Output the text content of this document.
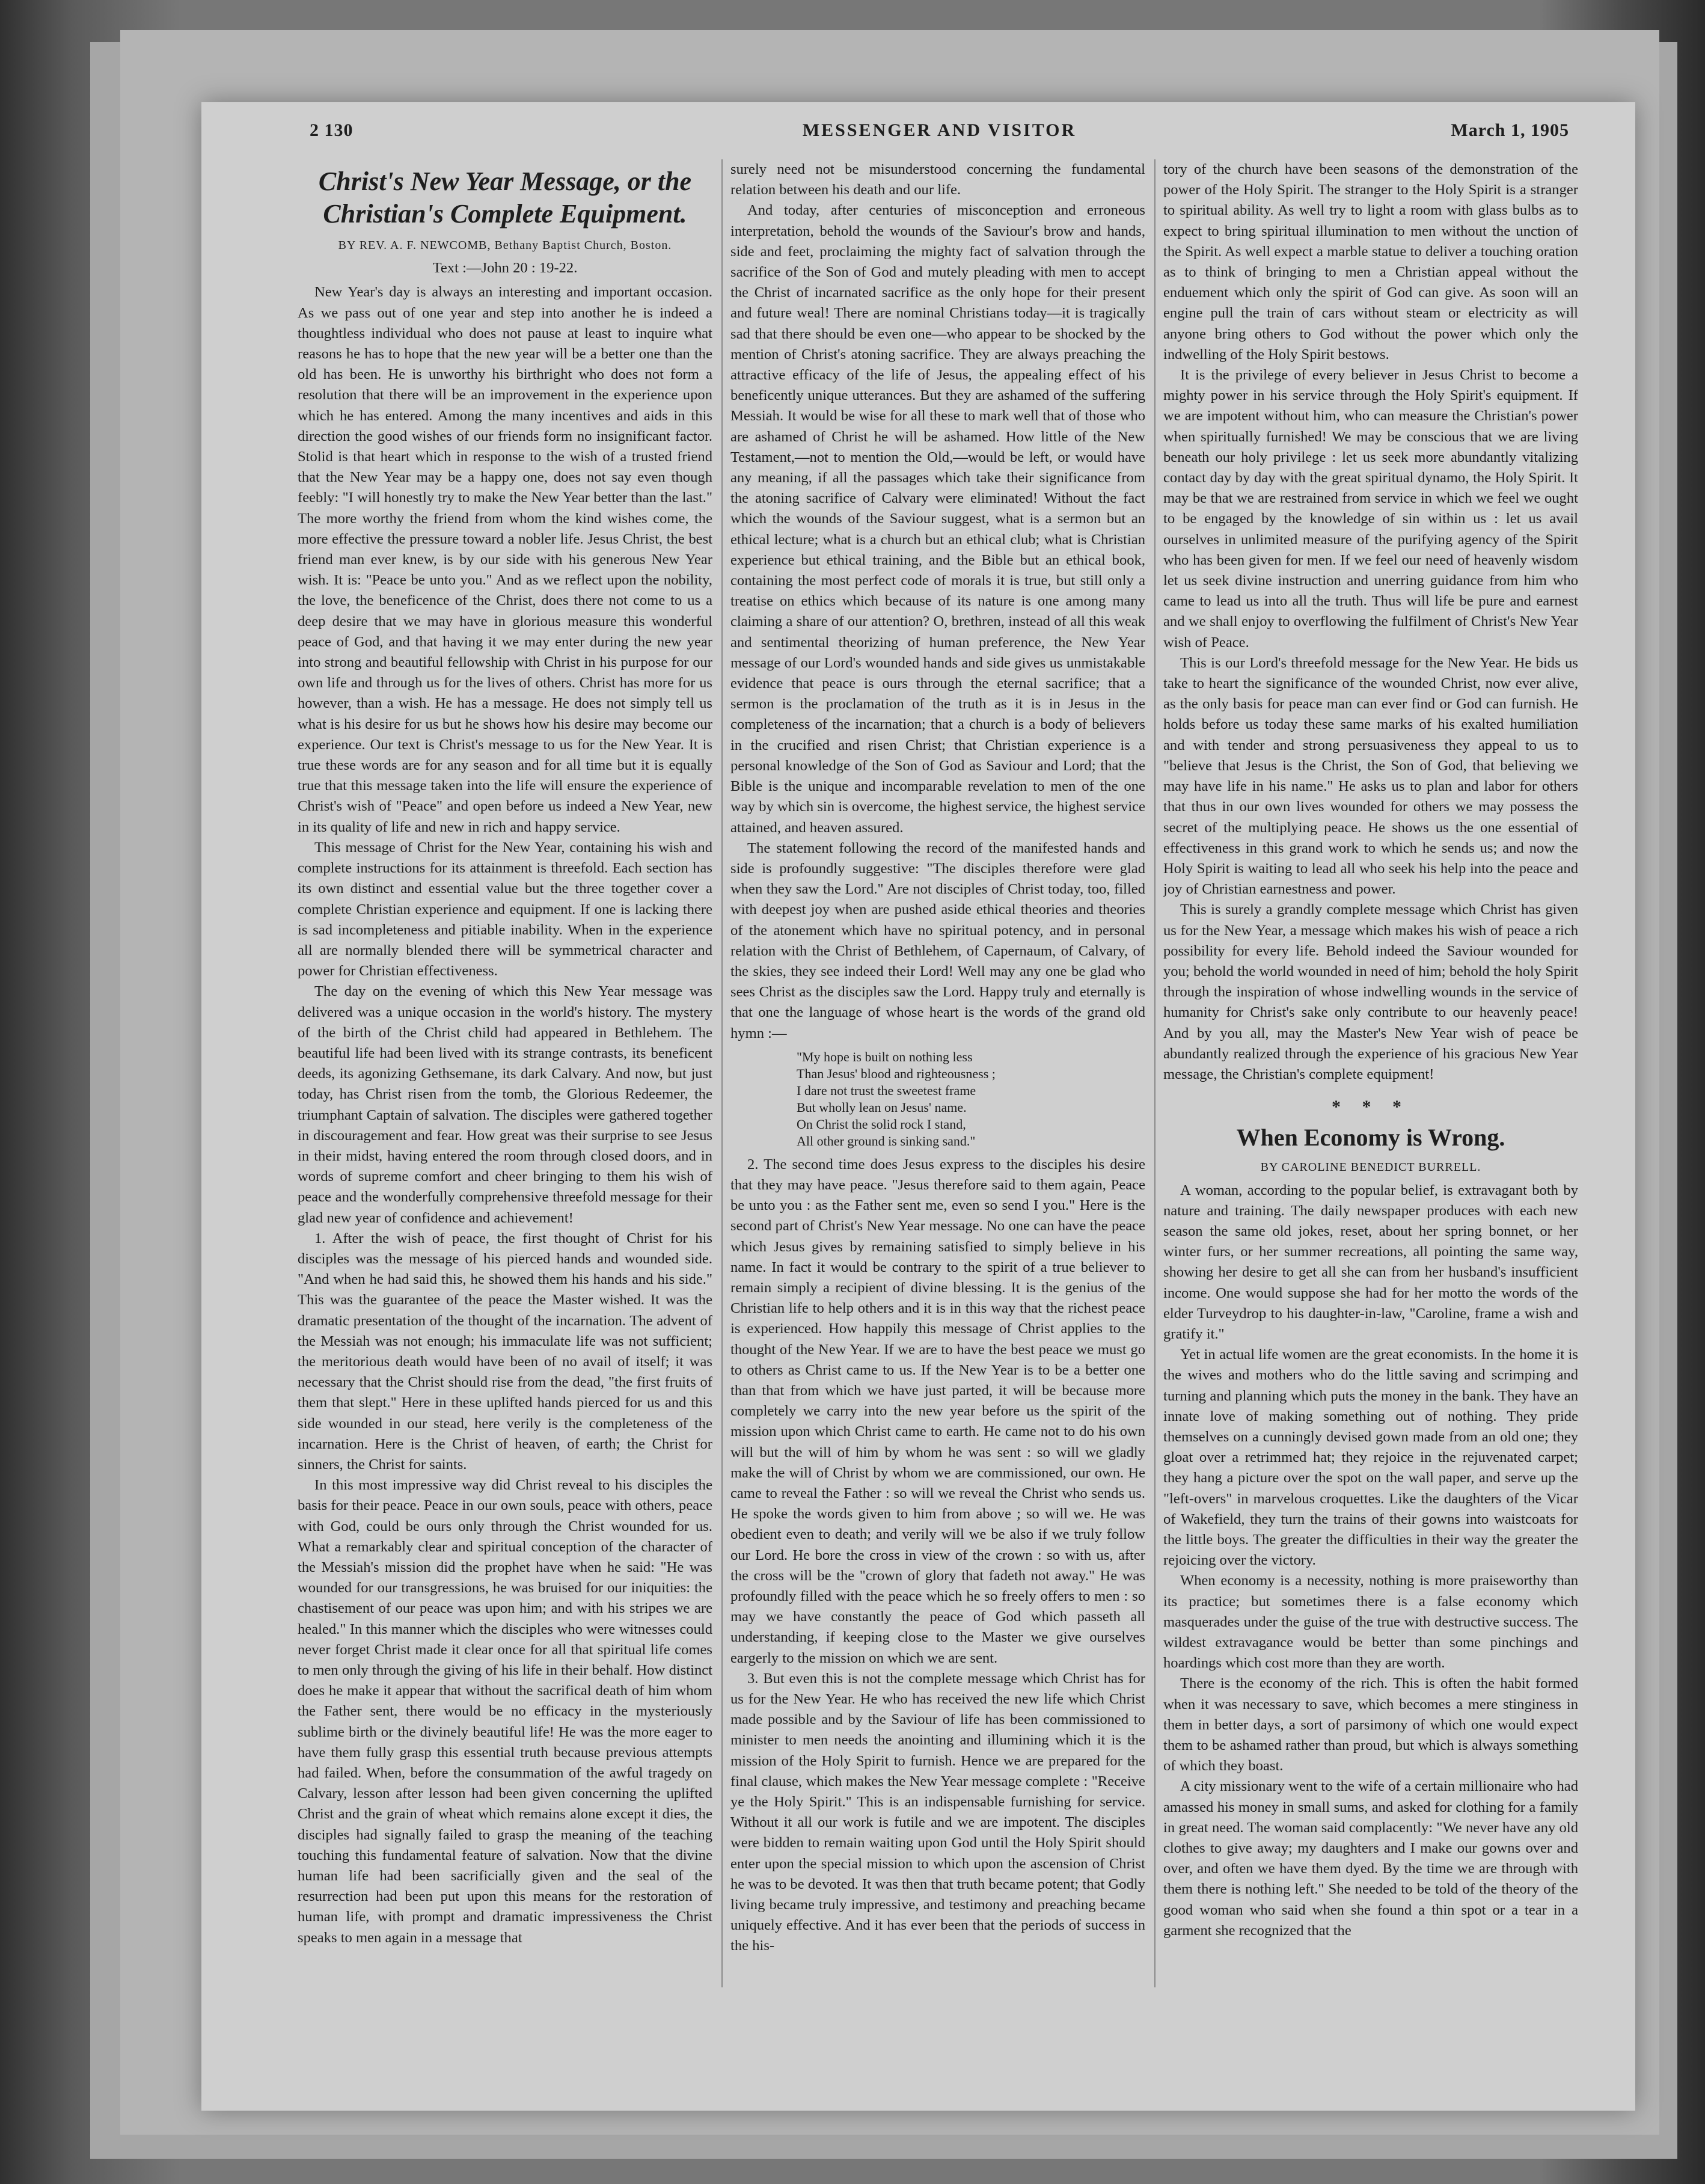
2 130	MESSENGER AND VISITOR	March 1, 1905
Christ's New Year Message, or the Christian's Complete Equipment.
BY REV. A. F. NEWCOMB, Bethany Baptist Church, Boston.
Text :—John 20 : 19-22.

New Year's day is always an interesting and important occasion. As we pass out of one year and step into another he is indeed a thoughtless individual who does not pause at least to inquire what reasons he has to hope that the new year will be a better one than the old has been. He is unworthy his birthright who does not form a resolution that there will be an improvement in the experience upon which he has entered. Among the many incentives and aids in this direction the good wishes of our friends form no insignificant factor. Stolid is that heart which in response to the wish of a trusted friend that the New Year may be a happy one, does not say even though feebly: "I will honestly try to make the New Year better than the last." The more worthy the friend from whom the kind wishes come, the more effective the pressure toward a nobler life. Jesus Christ, the best friend man ever knew, is by our side with his generous New Year wish. It is: "Peace be unto you." And as we reflect upon the nobility, the love, the beneficence of the Christ, does there not come to us a deep desire that we may have in glorious measure this wonderful peace of God, and that having it we may enter during the new year into strong and beautiful fellowship with Christ in his purpose for our own life and through us for the lives of others. Christ has more for us however, than a wish. He has a message. He does not simply tell us what is his desire for us but he shows how his desire may become our experience. Our text is Christ's message to us for the New Year. It is true these words are for any season and for all time but it is equally true that this message taken into the life will ensure the experience of Christ's wish of "Peace" and open before us indeed a New Year, new in its quality of life and new in rich and happy service.

This message of Christ for the New Year, containing his wish and complete instructions for its attainment is threefold. Each section has its own distinct and essential value but the three together cover a complete Christian experience and equipment. If one is lacking there is sad incompleteness and pitiable inability. When in the experience all are normally blended there will be symmetrical character and power for Christian effectiveness.

The day on the evening of which this New Year message was delivered was a unique occasion in the world's history. The mystery of the birth of the Christ child had appeared in Bethlehem. The beautiful life had been lived with its strange contrasts, its beneficent deeds, its agonizing Gethsemane, its dark Calvary. And now, but just today, has Christ risen from the tomb, the Glorious Redeemer, the triumphant Captain of salvation. The disciples were gathered together in discouragement and fear. How great was their surprise to see Jesus in their midst, having entered the room through closed doors, and in words of supreme comfort and cheer bringing to them his wish of peace and the wonderfully comprehensive threefold message for their glad new year of confidence and achievement!

1. After the wish of peace, the first thought of Christ for his disciples was the message of his pierced hands and wounded side. "And when he had said this, he showed them his hands and his side." This was the guarantee of the peace the Master wished. It was the dramatic presentation of the thought of the incarnation. The advent of the Messiah was not enough; his immaculate life was not sufficient; the meritorious death would have been of no avail of itself; it was necessary that the Christ should rise from the dead, "the first fruits of them that slept." Here in these uplifted hands pierced for us and this side wounded in our stead, here verily is the completeness of the incarnation. Here is the Christ of heaven, of earth; the Christ for sinners, the Christ for saints.

In this most impressive way did Christ reveal to his disciples the basis for their peace. Peace in our own souls, peace with others, peace with God, could be ours only through the Christ wounded for us. What a remarkably clear and spiritual conception of the character of the Messiah's mission did the prophet have when he said: "He was wounded for our transgressions, he was bruised for our iniquities: the chastisement of our peace was upon him; and with his stripes we are healed." In this manner which the disciples who were witnesses could never forget Christ made it clear once for all that spiritual life comes to men only through the giving of his life in their behalf. How distinct does he make it appear that without the sacrifical death of him whom the Father sent, there would be no efficacy in the mysteriously sublime birth or the divinely beautiful life! He was the more eager to have them fully grasp this essential truth because previous attempts had failed. When, before the consummation of the awful tragedy on Calvary, lesson after lesson had been given concerning the uplifted Christ and the grain of wheat which remains alone except it dies, the disciples had signally failed to grasp the meaning of the teaching touching this fundamental feature of salvation. Now that the divine human life had been sacrificially given and the seal of the resurrection had been put upon this means for the restoration of human life, with prompt and dramatic impressiveness the Christ speaks to men again in a message that

surely need not be misunderstood concerning the fundamental relation between his death and our life.

And today, after centuries of misconception and erroneous interpretation, behold the wounds of the Saviour's brow and hands, side and feet, proclaiming the mighty fact of salvation through the sacrifice of the Son of God and mutely pleading with men to accept the Christ of incarnated sacrifice as the only hope for their present and future weal! There are nominal Christians today—it is tragically sad that there should be even one—who appear to be shocked by the mention of Christ's atoning sacrifice. They are always preaching the attractive efficacy of the life of Jesus, the appealing effect of his beneficently unique utterances. But they are ashamed of the suffering Messiah. It would be wise for all these to mark well that of those who are ashamed of Christ he will be ashamed. How little of the New Testament,—not to mention the Old,—would be left, or would have any meaning, if all the passages which take their significance from the atoning sacrifice of Calvary were eliminated! Without the fact which the wounds of the Saviour suggest, what is a sermon but an ethical lecture; what is a church but an ethical club; what is Christian experience but ethical training, and the Bible but an ethical book, containing the most perfect code of morals it is true, but still only a treatise on ethics which because of its nature is one among many claiming a share of our attention? O, brethren, instead of all this weak and sentimental theorizing of human preference, the New Year message of our Lord's wounded hands and side gives us unmistakable evidence that peace is ours through the eternal sacrifice; that a sermon is the proclamation of the truth as it is in Jesus in the completeness of the incarnation; that a church is a body of believers in the crucified and risen Christ; that Christian experience is a personal knowledge of the Son of God as Saviour and Lord; that the Bible is the unique and incomparable revelation to men of the one way by which sin is overcome, the highest service, the highest service attained, and heaven assured.

The statement following the record of the manifested hands and side is profoundly suggestive: "The disciples therefore were glad when they saw the Lord." Are not disciples of Christ today, too, filled with deepest joy when are pushed aside ethical theories and theories of the atonement which have no spiritual potency, and in personal relation with the Christ of Bethlehem, of Capernaum, of Calvary, of the skies, they see indeed their Lord! Well may any one be glad who sees Christ as the disciples saw the Lord. Happy truly and eternally is that one the language of whose heart is the words of the grand old hymn :—

"My hope is built on nothing less
Than Jesus' blood and righteousness ;
I dare not trust the sweetest frame
But wholly lean on Jesus' name.
On Christ the solid rock I stand,
All other ground is sinking sand."

2. The second time does Jesus express to the disciples his desire that they may have peace. "Jesus therefore said to them again, Peace be unto you : as the Father sent me, even so send I you." Here is the second part of Christ's New Year message. No one can have the peace which Jesus gives by remaining satisfied to simply believe in his name. In fact it would be contrary to the spirit of a true believer to remain simply a recipient of divine blessing. It is the genius of the Christian life to help others and it is in this way that the richest peace is experienced. How happily this message of Christ applies to the thought of the New Year. If we are to have the best peace we must go to others as Christ came to us. If the New Year is to be a better one than that from which we have just parted, it will be because more completely we carry into the new year before us the spirit of the mission upon which Christ came to earth. He came not to do his own will but the will of him by whom he was sent : so will we gladly make the will of Christ by whom we are commissioned, our own. He came to reveal the Father : so will we reveal the Christ who sends us. He spoke the words given to him from above ; so will we. He was obedient even to death; and verily will we be also if we truly follow our Lord. He bore the cross in view of the crown : so with us, after the cross will be the "crown of glory that fadeth not away." He was profoundly filled with the peace which he so freely offers to men : so may we have constantly the peace of God which passeth all understanding, if keeping close to the Master we give ourselves eargerly to the mission on which we are sent.

3. But even this is not the complete message which Christ has for us for the New Year. He who has received the new life which Christ made possible and by the Saviour of life has been commissioned to minister to men needs the anointing and illumining which it is the mission of the Holy Spirit to furnish. Hence we are prepared for the final clause, which makes the New Year message complete : "Receive ye the Holy Spirit." This is an indispensable furnishing for service. Without it all our work is futile and we are impotent. The disciples were bidden to remain waiting upon God until the Holy Spirit should enter upon the special mission to which upon the ascension of Christ he was to be devoted. It was then that truth became potent; that Godly living became truly impressive, and testimony and preaching became uniquely effective. And it has ever been that the periods of success in the his-

tory of the church have been seasons of the demonstration of the power of the Holy Spirit. The stranger to the Holy Spirit is a stranger to spiritual ability. As well try to light a room with glass bulbs as to expect to bring spiritual illumination to men without the unction of the Spirit. As well expect a marble statue to deliver a touching oration as to think of bringing to men a Christian appeal without the enduement which only the spirit of God can give. As soon will an engine pull the train of cars without steam or electricity as will anyone bring others to God without the power which only the indwelling of the Holy Spirit bestows.

It is the privilege of every believer in Jesus Christ to become a mighty power in his service through the Holy Spirit's equipment. If we are impotent without him, who can measure the Christian's power when spiritually furnished! We may be conscious that we are living beneath our holy privilege : let us seek more abundantly vitalizing contact day by day with the great spiritual dynamo, the Holy Spirit. It may be that we are restrained from service in which we feel we ought to be engaged by the knowledge of sin within us : let us avail ourselves in unlimited measure of the purifying agency of the Spirit who has been given for men. If we feel our need of heavenly wisdom let us seek divine instruction and unerring guidance from him who came to lead us into all the truth. Thus will life be pure and earnest and we shall enjoy to overflowing the fulfilment of Christ's New Year wish of Peace.

This is our Lord's threefold message for the New Year. He bids us take to heart the significance of the wounded Christ, now ever alive, as the only basis for peace man can ever find or God can furnish. He holds before us today these same marks of his exalted humiliation and with tender and strong persuasiveness they appeal to us to "believe that Jesus is the Christ, the Son of God, that believing we may have life in his name." He asks us to plan and labor for others that thus in our own lives wounded for others we may possess the secret of the multiplying peace. He shows us the one essential of effectiveness in this grand work to which he sends us; and now the Holy Spirit is waiting to lead all who seek his help into the peace and joy of Christian earnestness and power.

This is surely a grandly complete message which Christ has given us for the New Year, a message which makes his wish of peace a rich possibility for every life. Behold indeed the Saviour wounded for you; behold the world wounded in need of him; behold the holy Spirit through the inspiration of whose indwelling wounds in the service of humanity for Christ's sake only contribute to our heavenly peace! And by you all, may the Master's New Year wish of peace be abundantly realized through the experience of his gracious New Year message, the Christian's complete equipment!

* * *
When Economy is Wrong.
BY CAROLINE BENEDICT BURRELL.

A woman, according to the popular belief, is extravagant both by nature and training. The daily newspaper produces with each new season the same old jokes, reset, about her spring bonnet, or her winter furs, or her summer recreations, all pointing the same way, showing her desire to get all she can from her husband's insufficient income. One would suppose she had for her motto the words of the elder Turveydrop to his daughter-in-law, "Caroline, frame a wish and gratify it."

Yet in actual life women are the great economists. In the home it is the wives and mothers who do the little saving and scrimping and turning and planning which puts the money in the bank. They have an innate love of making something out of nothing. They pride themselves on a cunningly devised gown made from an old one; they gloat over a retrimmed hat; they rejoice in the rejuvenated carpet; they hang a picture over the spot on the wall paper, and serve up the "left-overs" in marvelous croquettes. Like the daughters of the Vicar of Wakefield, they turn the trains of their gowns into waistcoats for the little boys. The greater the difficulties in their way the greater the rejoicing over the victory.

When economy is a necessity, nothing is more praiseworthy than its practice; but sometimes there is a false economy which masquerades under the guise of the true with destructive success. The wildest extravagance would be better than some pinchings and hoardings which cost more than they are worth.

There is the economy of the rich. This is often the habit formed when it was necessary to save, which becomes a mere stinginess in them in better days, a sort of parsimony of which one would expect them to be ashamed rather than proud, but which is always something of which they boast.

A city missionary went to the wife of a certain millionaire who had amassed his money in small sums, and asked for clothing for a family in great need. The woman said complacently: "We never have any old clothes to give away; my daughters and I make our gowns over and over, and often we have them dyed. By the time we are through with them there is nothing left." She needed to be told of the theory of the good woman who said when she found a thin spot or a tear in a garment she recognized that the
